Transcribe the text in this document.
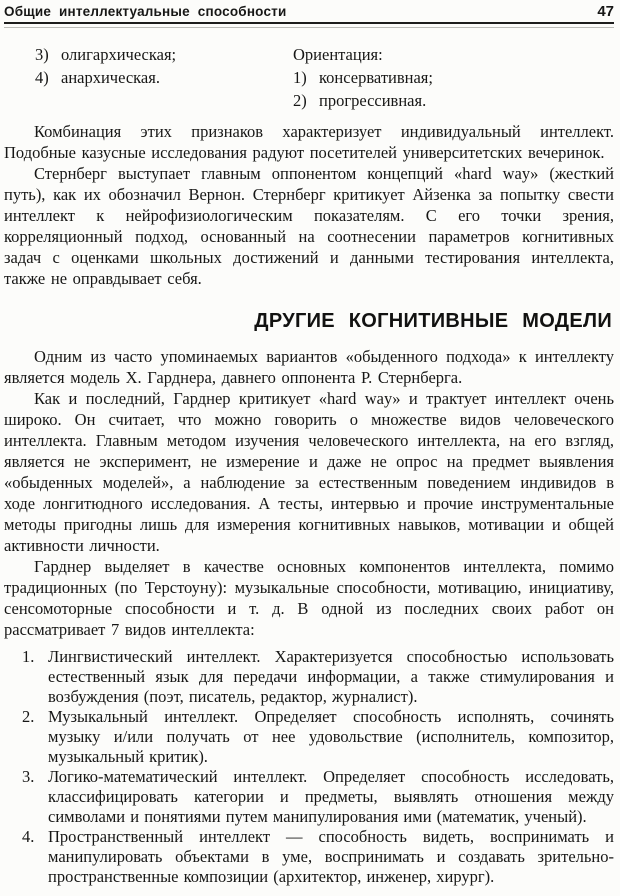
Общие интеллектуальные способности	47
3) олигархическая;
4) анархическая.
Ориентация:
1) консервативная;
2) прогрессивная.

Комбинация этих признаков характеризует индивидуальный интеллект. Подобные казусные исследования радуют посетителей университетских вечеринок.

Стернберг выступает главным оппонентом концепций «hard way» (жесткий путь), как их обозначил Вернон. Стернберг критикует Айзенка за попытку свести интеллект к нейрофизиологическим показателям. С его точки зрения, корреляционный подход, основанный на соотнесении параметров когнитивных задач с оценками школьных достижений и данными тестирования интеллекта, также не оправдывает себя.

ДРУГИЕ КОГНИТИВНЫЕ МОДЕЛИ

Одним из часто упоминаемых вариантов «обыденного подхода» к интеллекту является модель Х. Гарднера, давнего оппонента Р. Стернберга.

Как и последний, Гарднер критикует «hard way» и трактует интеллект очень широко. Он считает, что можно говорить о множестве видов человеческого интеллекта. Главным методом изучения человеческого интеллекта, на его взгляд, является не эксперимент, не измерение и даже не опрос на предмет выявления «обыденных моделей», а наблюдение за естественным поведением индивидов в ходе лонгитюдного исследования. А тесты, интервью и прочие инструментальные методы пригодны лишь для измерения когнитивных навыков, мотивации и общей активности личности.

Гарднер выделяет в качестве основных компонентов интеллекта, помимо традиционных (по Терстоуну): музыкальные способности, мотивацию, инициативу, сенсомоторные способности и т. д. В одной из последних своих работ он рассматривает 7 видов интеллекта:

1. Лингвистический интеллект. Характеризуется способностью использовать естественный язык для передачи информации, а также стимулирования и возбуждения (поэт, писатель, редактор, журналист).
2. Музыкальный интеллект. Определяет способность исполнять, сочинять музыку и/или получать от нее удовольствие (исполнитель, композитор, музыкальный критик).
3. Логико-математический интеллект. Определяет способность исследовать, классифицировать категории и предметы, выявлять отношения между символами и понятиями путем манипулирования ими (математик, ученый).
4. Пространственный интеллект — способность видеть, воспринимать и манипулировать объектами в уме, воспринимать и создавать зрительно-пространственные композиции (архитектор, инженер, хирург).
